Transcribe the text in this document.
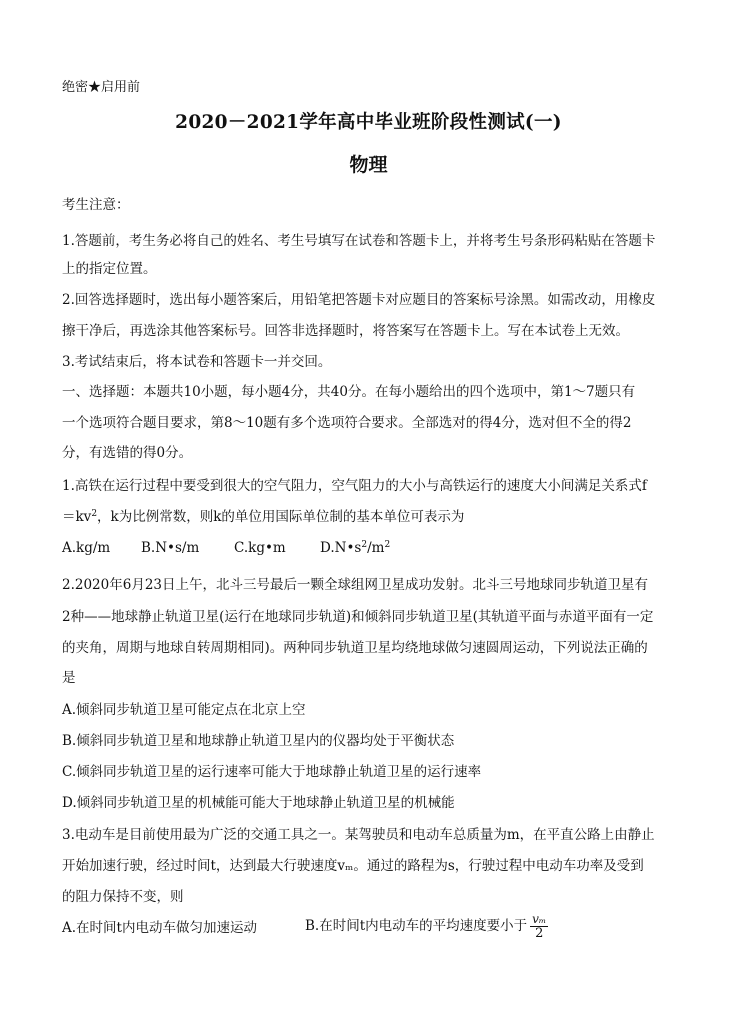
绝密★启用前
2020－2021学年高中毕业班阶段性测试(一)
物理
考生注意：
1.答题前，考生务必将自己的姓名、考生号填写在试卷和答题卡上，并将考生号条形码粘贴在答题卡
上的指定位置。
2.回答选择题时，选出每小题答案后，用铅笔把答题卡对应题目的答案标号涂黑。如需改动，用橡皮
擦干净后，再选涂其他答案标号。回答非选择题时，将答案写在答题卡上。写在本试卷上无效。
3.考试结束后，将本试卷和答题卡一并交回。
一、选择题：本题共10小题，每小题4分，共40分。在每小题给出的四个选项中，第1～7题只有
一个选项符合题目要求，第8～10题有多个选项符合要求。全部选对的得4分，选对但不全的得2
分，有选错的得0分。
1.高铁在运行过程中要受到很大的空气阻力，空气阻力的大小与高铁运行的速度大小间满足关系式f
$=kv^2$，k为比例常数，则k的单位用国际单位制的基本单位可表示为
A.kg/m B.N•s/m	C.kg•m	$D.N•s^2/m^2$
2.2020年6月23日上午，北斗三号最后一颗全球组网卫星成功发射。北斗三号地球同步轨道卫星有
2种——地球静止轨道卫星(运行在地球同步轨道)和倾斜同步轨道卫星(其轨道平面与赤道平面有一定
的夹角，周期与地球自转周期相同)。两种同步轨道卫星均绕地球做匀速圆周运动，下列说法正确的
是
A.倾斜同步轨道卫星可能定点在北京上空
B.倾斜同步轨道卫星和地球静止轨道卫星内的仪器均处于平衡状态
C.倾斜同步轨道卫星的运行速率可能大于地球静止轨道卫星的运行速率
D.倾斜同步轨道卫星的机械能可能大于地球静止轨道卫星的机械能
3.电动车是目前使用最为广泛的交通工具之一。某驾驶员和电动车总质量为m，在平直公路上由静止
开始加速行驶，经过时间t，达到最大行驶速度vₘ。通过的路程为s，行驶过程中电动车功率及受到
的阻力保持不变，则
A.在时间t内电动车做匀加速运动	B.在时间t内电动车的平均速度要小于 $\frac{\text{vₘ}}{2}$
